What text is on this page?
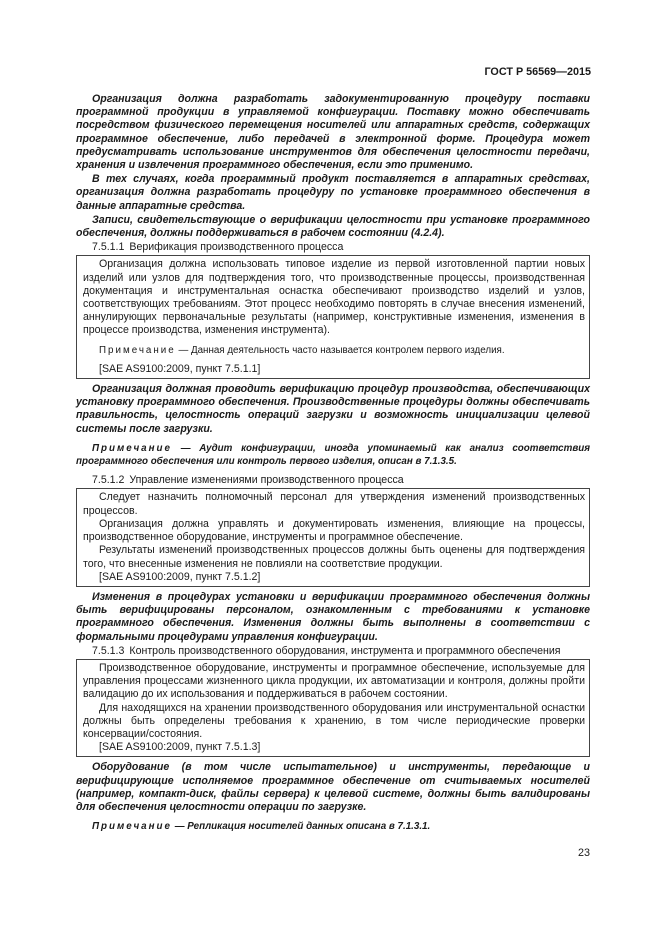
ГОСТ Р 56569—2015

Организация должна разработать задокументированную процедуру поставки программной продукции в управляемой конфигурации. Поставку можно обеспечивать посредством физического перемещения носителей или аппаратных средств, содержащих программное обеспечение, либо передачей в электронной форме. Процедура может предусматривать использование инструментов для обеспечения целостности передачи, хранения и извлечения программного обеспечения, если это применимо.

В тех случаях, когда программный продукт поставляется в аппаратных средствах, организация должна разработать процедуру по установке программного обеспечения в данные аппаратные средства.

Записи, свидетельствующие о верификации целостности при установке программного обеспечения, должны поддерживаться в рабочем состоянии (4.2.4).

7.5.1.1 Верификация производственного процесса

Организация должна использовать типовое изделие из первой изготовленной партии новых изделий или узлов для подтверждения того, что производственные процессы, производственная документация и инструментальная оснастка обеспечивают производство изделий и узлов, соответствующих требованиям. Этот процесс необходимо повторять в случае внесения изменений, аннулирующих первоначальные результаты (например, конструктивные изменения, изменения в процессе производства, изменения инструмента).

Примечание — Данная деятельность часто называется контролем первого изделия.

[SAE AS9100:2009, пункт 7.5.1.1]

Организация должная проводить верификацию процедур производства, обеспечивающих установку программного обеспечения. Производственные процедуры должны обеспечивать правильность, целостность операций загрузки и возможность инициализации целевой системы после загрузки.

Примечание — Аудит конфигурации, иногда упоминаемый как анализ соответствия программного обеспечения или контроль первого изделия, описан в 7.1.3.5.

7.5.1.2 Управление изменениями производственного процесса

Следует назначить полномочный персонал для утверждения изменений производственных процессов.

Организация должна управлять и документировать изменения, влияющие на процессы, производственное оборудование, инструменты и программное обеспечение.

Результаты изменений производственных процессов должны быть оценены для подтверждения того, что внесенные изменения не повлияли на соответствие продукции.

[SAE AS9100:2009, пункт 7.5.1.2]

Изменения в процедурах установки и верификации программного обеспечения должны быть верифицированы персоналом, ознакомленным с требованиями к установке программного обеспечения. Изменения должны быть выполнены в соответствии с формальными процедурами управления конфигурации.

7.5.1.3 Контроль производственного оборудования, инструмента и программного обеспечения

Производственное оборудование, инструменты и программное обеспечение, используемые для управления процессами жизненного цикла продукции, их автоматизации и контроля, должны пройти валидацию до их использования и поддерживаться в рабочем состоянии.

Для находящихся на хранении производственного оборудования или инструментальной оснастки должны быть определены требования к хранению, в том числе периодические проверки консервации/состояния.

[SAE AS9100:2009, пункт 7.5.1.3]

Оборудование (в том числе испытательное) и инструменты, передающие и верифицирующие исполняемое программное обеспечение от считываемых носителей (например, компакт-диск, файлы сервера) к целевой системе, должны быть валидированы для обеспечения целостности операции по загрузке.

Примечание — Репликация носителей данных описана в 7.1.3.1.

23
